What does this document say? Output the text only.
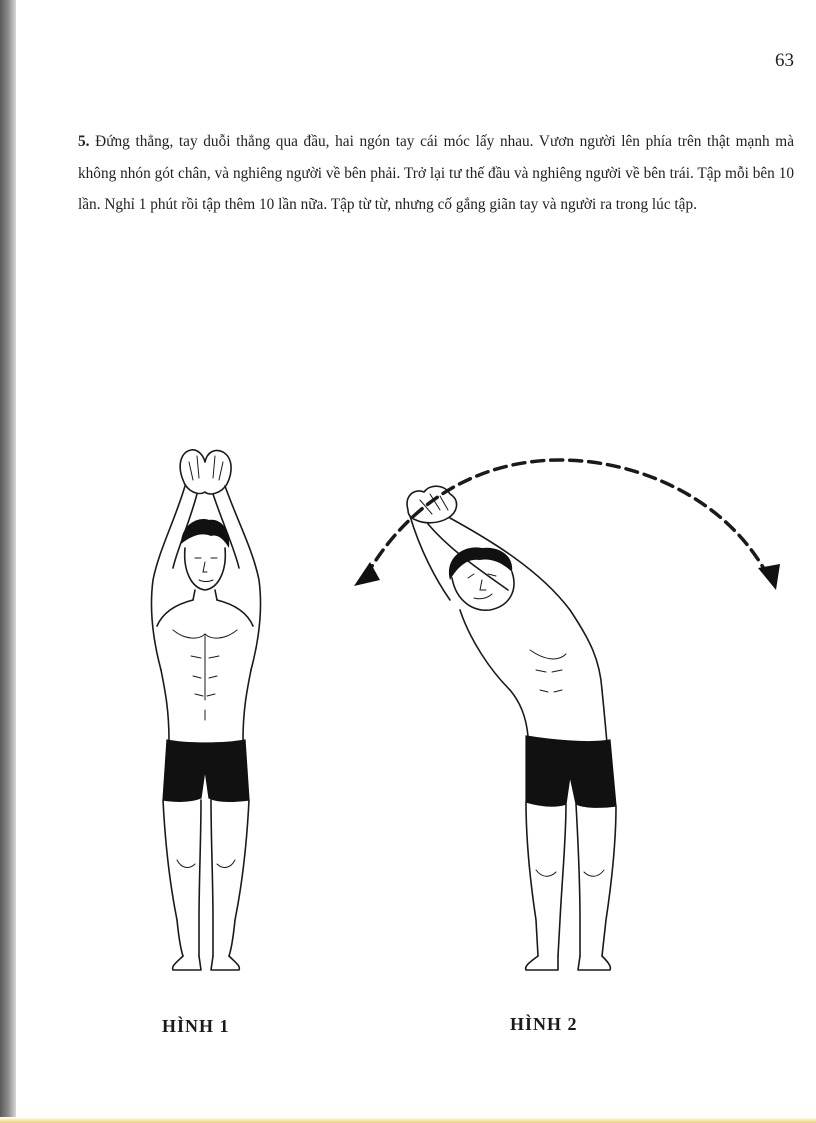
63

5. Đứng thẳng, tay duỗi thẳng qua đầu, hai ngón tay cái móc lấy nhau. Vươn người lên phía trên thật mạnh mà không nhón gót chân, và nghiêng người về bên phải. Trở lại tư thế đầu và nghiêng người về bên trái. Tập mỗi bên 10 lần. Nghỉ 1 phút rồi tập thêm 10 lần nữa. Tập từ từ, nhưng cố gắng giãn tay và người ra trong lúc tập.

HÌNH 1	HÌNH 2
